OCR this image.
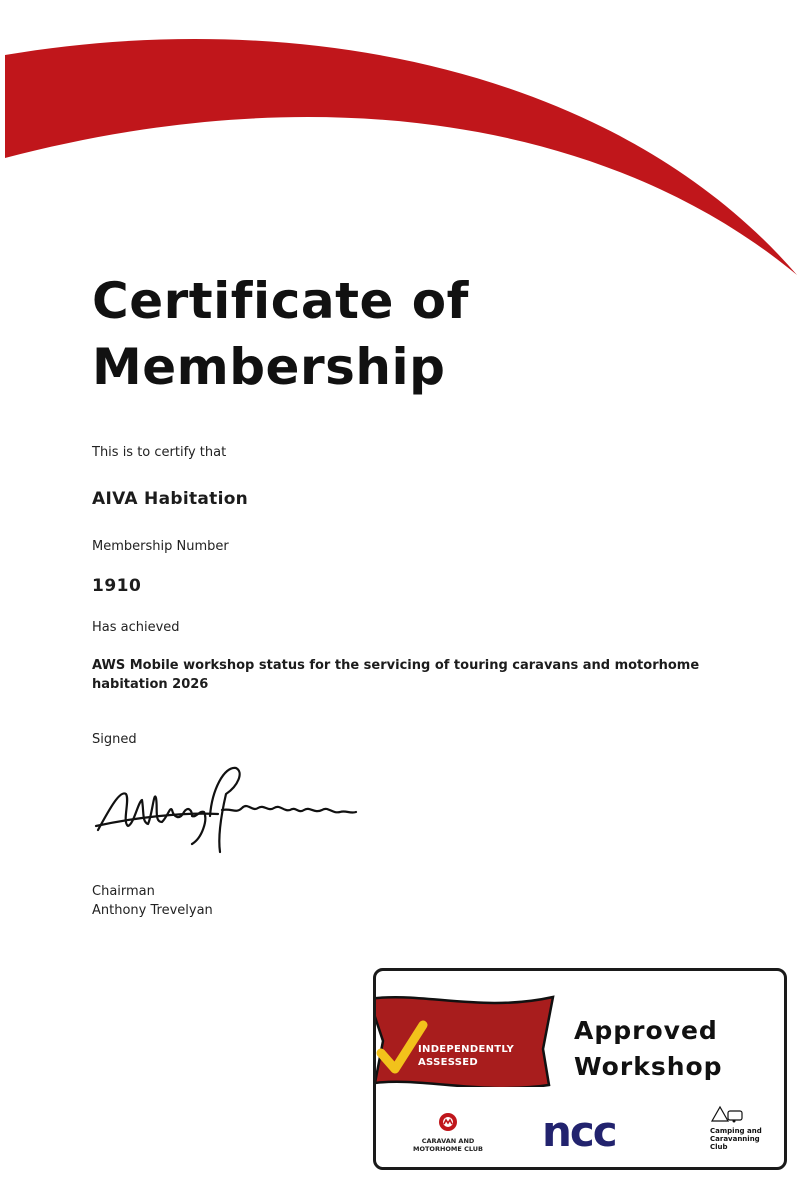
Certificate of
Membership

This is to certify that

AIVA Habitation

Membership Number

1910

Has achieved

AWS Mobile workshop status for the servicing of touring caravans and motorhome habitation 2026

Signed

Chairman

Anthony Trevelyan

INDEPENDENTLY
ASSESSED
Approved
Workshop
CARAVAN AND
MOTORHOME CLUB	ncc	Camping and
Caravanning
Club
